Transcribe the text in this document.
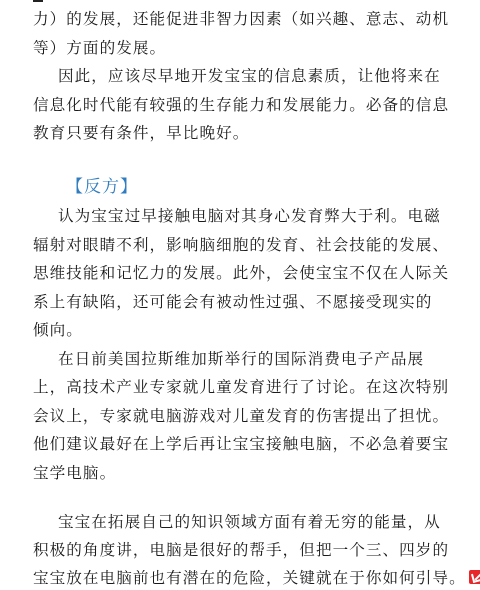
力）的发展，还能促进非智力因素（如兴趣、意志、动机
等）方面的发展。
因此，应该尽早地开发宝宝的信息素质，让他将来在
信息化时代能有较强的生存能力和发展能力。必备的信息
教育只要有条件，早比晚好。
【反方】
认为宝宝过早接触电脑对其身心发育弊大于利。电磁
辐射对眼睛不利，影响脑细胞的发育、社会技能的发展、
思维技能和记忆力的发展。此外，会使宝宝不仅在人际关
系上有缺陷，还可能会有被动性过强、不愿接受现实的
倾向。
在日前美国拉斯维加斯举行的国际消费电子产品展
上，高技术产业专家就儿童发育进行了讨论。在这次特别
会议上，专家就电脑游戏对儿童发育的伤害提出了担忧。
他们建议最好在上学后再让宝宝接触电脑，不必急着要宝
宝学电脑。
宝宝在拓展自己的知识领域方面有着无穷的能量，从
积极的角度讲，电脑是很好的帮手，但把一个三、四岁的
宝宝放在电脑前也有潜在的危险，关键就在于你如何引导。
